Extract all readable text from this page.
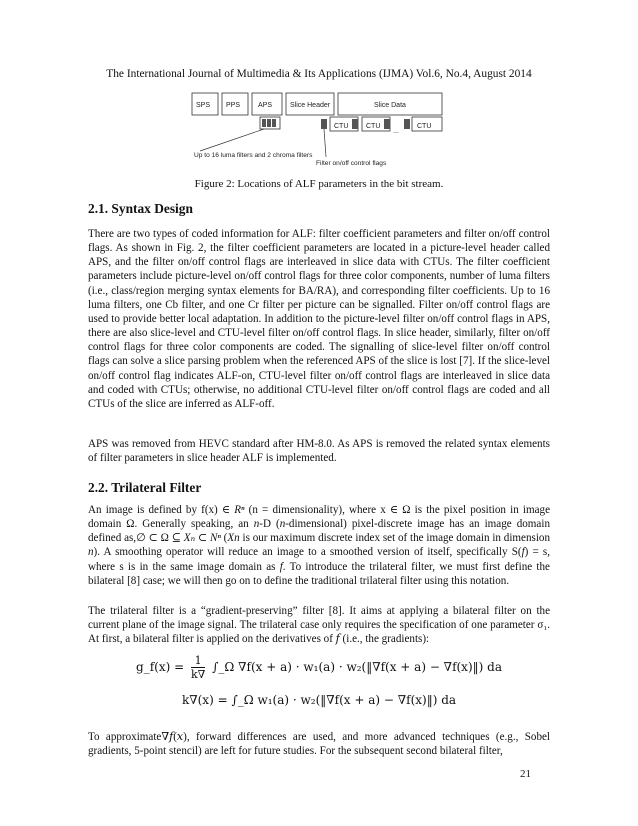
The International Journal of Multimedia & Its Applications (IJMA) Vol.6, No.4, August 2014
SPS PPS	APS	Slice Header	Slice Data
CTU	CTU
...
CTU
Up to 16 luma filters and 2 chroma filters
Filter on/off control flags
Figure 2: Locations of ALF parameters in the bit stream.
2.1. Syntax Design

There are two types of coded information for ALF: filter coefficient parameters and filter on/off control flags. As shown in Fig. 2, the filter coefficient parameters are located in a picture-level header called APS, and the filter on/off control flags are interleaved in slice data with CTUs. The filter coefficient parameters include picture-level on/off control flags for three color components, number of luma filters (i.e., class/region merging syntax elements for BA/RA), and corresponding filter coefficients. Up to 16 luma filters, one Cb filter, and one Cr filter per picture can be signalled. Filter on/off control flags are used to provide better local adaptation. In addition to the picture-level filter on/off control flags in APS, there are also slice-level and CTU-level filter on/off control flags. In slice header, similarly, filter on/off control flags for three color components are coded. The signalling of slice-level filter on/off control flags can solve a slice parsing problem when the referenced APS of the slice is lost [7]. If the slice-level on/off control flag indicates ALF-on, CTU-level filter on/off control flags are interleaved in slice data and coded with CTUs; otherwise, no additional CTU-level filter on/off control flags are coded and all CTUs of the slice are inferred as ALF-off.

APS was removed from HEVC standard after HM-8.0. As APS is removed the related syntax elements of filter parameters in slice header ALF is implemented.

2.2. Trilateral Filter

An image is defined by f(x) ∈ Rⁿ (n = dimensionality), where x ∈ Ω is the pixel position in image domain Ω. Generally speaking, an n-D (n-dimensional) pixel-discrete image has an image domain defined as,∅ ⊂ Ω ⊆ Xₙ ⊂ Nⁿ (Xn is our maximum discrete index set of the image domain in dimension n). A smoothing operator will reduce an image to a smoothed version of itself, specifically S(f) = s, where s is in the same image domain as f. To introduce the trilateral filter, we must first define the bilateral [8] case; we will then go on to define the traditional trilateral filter using this notation.

The trilateral filter is a “gradient-preserving” filter [8]. It aims at applying a bilateral filter on the current plane of the image signal. The trilateral case only requires the specification of one parameter σ₁. At first, a bilateral filter is applied on the derivatives of 𝑓 (i.e., the gradients):

g_f(x) = $\frac{1}{k\nabla}$ ∫_Ω ∇f(x + a) · w₁(a) · w₂(‖∇f(x + a) − ∇f(x)‖) da
k∇(x) = ∫_Ω w₁(a) · w₂(‖∇f(x + a) − ∇f(x)‖) da

To approximate∇𝑓(𝑥), forward differences are used, and more advanced techniques (e.g., Sobel gradients, 5-point stencil) are left for future studies. For the subsequent second bilateral filter,

21
